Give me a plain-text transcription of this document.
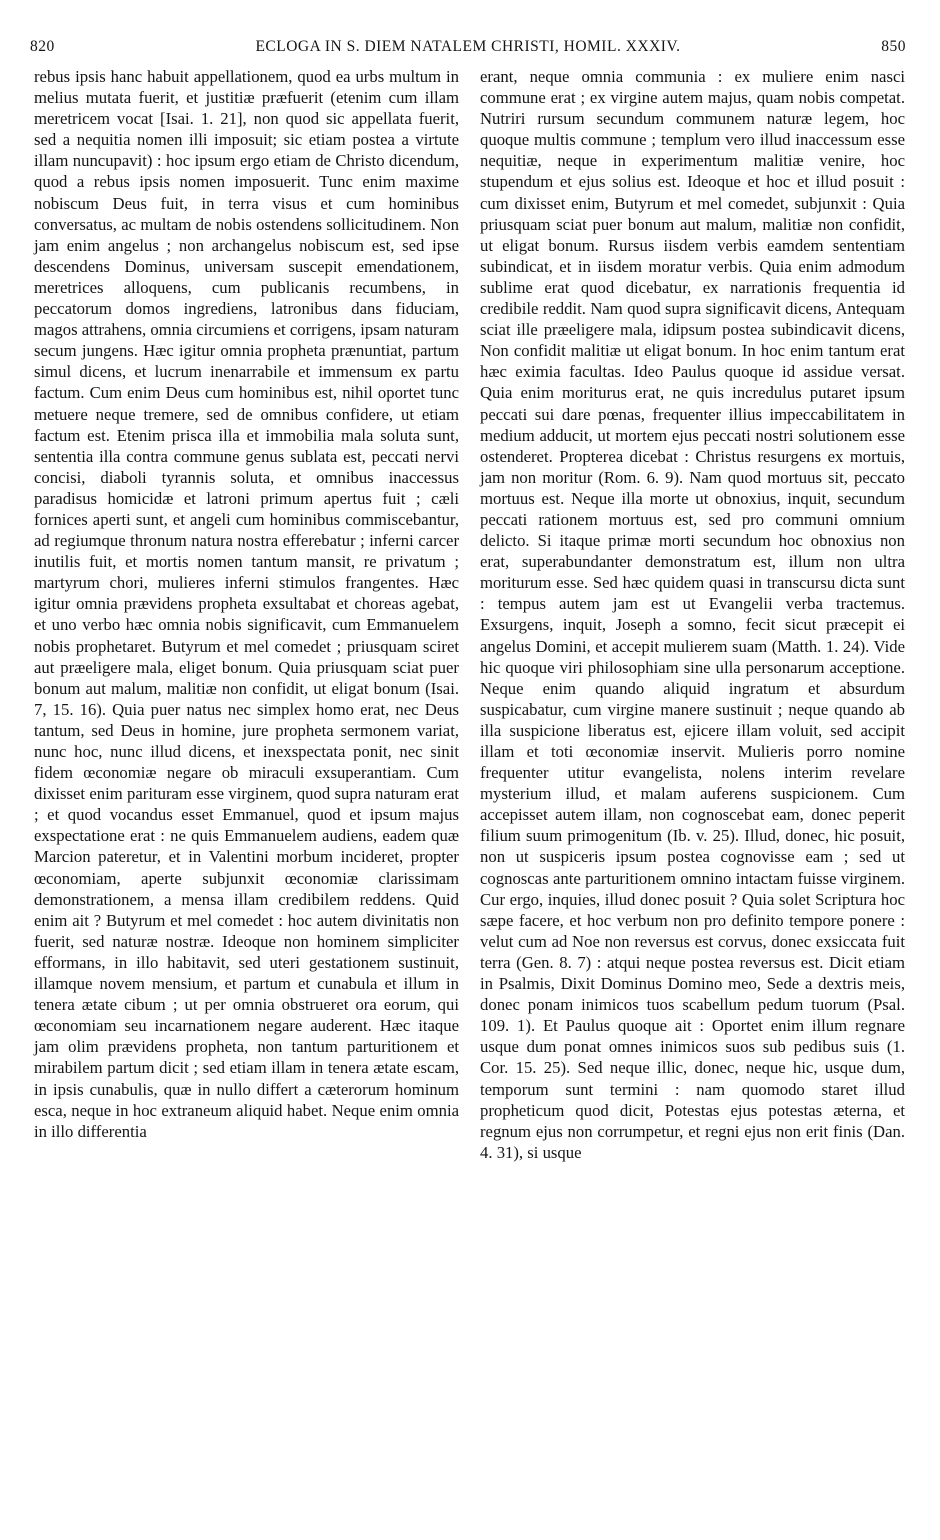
820	ECLOGA IN S. DIEM NATALEM CHRISTI, HOMIL. XXXIV.	850

rebus ipsis hanc habuit appellationem, quod ea urbs multum in melius mutata fuerit, et justitiæ præfuerit (etenim cum illam meretricem vocat [Isai. 1. 21], non quod sic appellata fuerit, sed a nequitia nomen illi imposuit; sic etiam postea a virtute illam nuncupavit) : hoc ipsum ergo etiam de Christo dicendum, quod a rebus ipsis nomen imposuerit. Tunc enim maxime nobiscum Deus fuit, in terra visus et cum hominibus conversatus, ac multam de nobis ostendens sollicitudinem. Non jam enim angelus ; non archangelus nobiscum est, sed ipse descendens Dominus, universam suscepit emendationem, meretrices alloquens, cum publicanis recumbens, in peccatorum domos ingrediens, latronibus dans fiduciam, magos attrahens, omnia circumiens et corrigens, ipsam naturam secum jungens. Hæc igitur omnia propheta prænuntiat, partum simul dicens, et lucrum inenarrabile et immensum ex partu factum. Cum enim Deus cum hominibus est, nihil oportet tunc metuere neque tremere, sed de omnibus confidere, ut etiam factum est. Etenim prisca illa et immobilia mala soluta sunt, sententia illa contra commune genus sublata est, peccati nervi concisi, diaboli tyrannis soluta, et omnibus inaccessus paradisus homicidæ et latroni primum apertus fuit ; cæli fornices aperti sunt, et angeli cum hominibus commiscebantur, ad regiumque thronum natura nostra efferebatur ; inferni carcer inutilis fuit, et mortis nomen tantum mansit, re privatum ; martyrum chori, mulieres inferni stimulos frangentes. Hæc igitur omnia prævidens propheta exsultabat et choreas agebat, et uno verbo hæc omnia nobis significavit, cum Emmanuelem nobis prophetaret. Butyrum et mel comedet ; priusquam sciret aut præeligere mala, eliget bonum. Quia priusquam sciat puer bonum aut malum, malitiæ non confidit, ut eligat bonum (Isai. 7, 15. 16). Quia puer natus nec simplex homo erat, nec Deus tantum, sed Deus in homine, jure propheta sermonem variat, nunc hoc, nunc illud dicens, et inexspectata ponit, nec sinit fidem œconomiæ negare ob miraculi exsuperantiam. Cum dixisset enim parituram esse virginem, quod supra naturam erat ; et quod vocandus esset Emmanuel, quod et ipsum majus exspectatione erat : ne quis Emmanuelem audiens, eadem quæ Marcion pateretur, et in Valentini morbum incideret, propter œconomiam, aperte subjunxit œconomiæ clarissimam demonstrationem, a mensa illam credibilem reddens. Quid enim ait ? Butyrum et mel comedet : hoc autem divinitatis non fuerit, sed naturæ nostræ. Ideoque non hominem simpliciter efformans, in illo habitavit, sed uteri gestationem sustinuit, illamque novem mensium, et partum et cunabula et illum in tenera ætate cibum ; ut per omnia obstrueret ora eorum, qui œconomiam seu incarnationem negare auderent. Hæc itaque jam olim prævidens propheta, non tantum parturitionem et mirabilem partum dicit ; sed etiam illam in tenera ætate escam, in ipsis cunabulis, quæ in nullo differt a cæterorum hominum esca, neque in hoc extraneum aliquid habet. Neque enim omnia in illo differentia

erant, neque omnia communia : ex muliere enim nasci commune erat ; ex virgine autem majus, quam nobis competat. Nutriri rursum secundum communem naturæ legem, hoc quoque multis commune ; templum vero illud inaccessum esse nequitiæ, neque in experimentum malitiæ venire, hoc stupendum et ejus solius est. Ideoque et hoc et illud posuit : cum dixisset enim, Butyrum et mel comedet, subjunxit : Quia priusquam sciat puer bonum aut malum, malitiæ non confidit, ut eligat bonum. Rursus iisdem verbis eamdem sententiam subindicat, et in iisdem moratur verbis. Quia enim admodum sublime erat quod dicebatur, ex narrationis frequentia id credibile reddit. Nam quod supra significavit dicens, Antequam sciat ille præeligere mala, idipsum postea subindicavit dicens, Non confidit malitiæ ut eligat bonum. In hoc enim tantum erat hæc eximia facultas. Ideo Paulus quoque id assidue versat. Quia enim moriturus erat, ne quis incredulus putaret ipsum peccati sui dare pœnas, frequenter illius impeccabilitatem in medium adducit, ut mortem ejus peccati nostri solutionem esse ostenderet. Propterea dicebat : Christus resurgens ex mortuis, jam non moritur (Rom. 6. 9). Nam quod mortuus sit, peccato mortuus est. Neque illa morte ut obnoxius, inquit, secundum peccati rationem mortuus est, sed pro communi omnium delicto. Si itaque primæ morti secundum hoc obnoxius non erat, superabundanter demonstratum est, illum non ultra moriturum esse. Sed hæc quidem quasi in transcursu dicta sunt : tempus autem jam est ut Evangelii verba tractemus. Exsurgens, inquit, Joseph a somno, fecit sicut præcepit ei angelus Domini, et accepit mulierem suam (Matth. 1. 24). Vide hic quoque viri philosophiam sine ulla personarum acceptione. Neque enim quando aliquid ingratum et absurdum suspicabatur, cum virgine manere sustinuit ; neque quando ab illa suspicione liberatus est, ejicere illam voluit, sed accipit illam et toti œconomiæ inservit. Mulieris porro nomine frequenter utitur evangelista, nolens interim revelare mysterium illud, et malam auferens suspicionem. Cum accepisset autem illam, non cognoscebat eam, donec peperit filium suum primogenitum (Ib. v. 25). Illud, donec, hic posuit, non ut suspiceris ipsum postea cognovisse eam ; sed ut cognoscas ante parturitionem omnino intactam fuisse virginem. Cur ergo, inquies, illud donec posuit ? Quia solet Scriptura hoc sæpe facere, et hoc verbum non pro definito tempore ponere : velut cum ad Noe non reversus est corvus, donec exsiccata fuit terra (Gen. 8. 7) : atqui neque postea reversus est. Dicit etiam in Psalmis, Dixit Dominus Domino meo, Sede a dextris meis, donec ponam inimicos tuos scabellum pedum tuorum (Psal. 109. 1). Et Paulus quoque ait : Oportet enim illum regnare usque dum ponat omnes inimicos suos sub pedibus suis (1. Cor. 15. 25). Sed neque illic, donec, neque hic, usque dum, temporum sunt termini : nam quomodo staret illud propheticum quod dicit, Potestas ejus potestas æterna, et regnum ejus non corrumpetur, et regni ejus non erit finis (Dan. 4. 31), si usque
